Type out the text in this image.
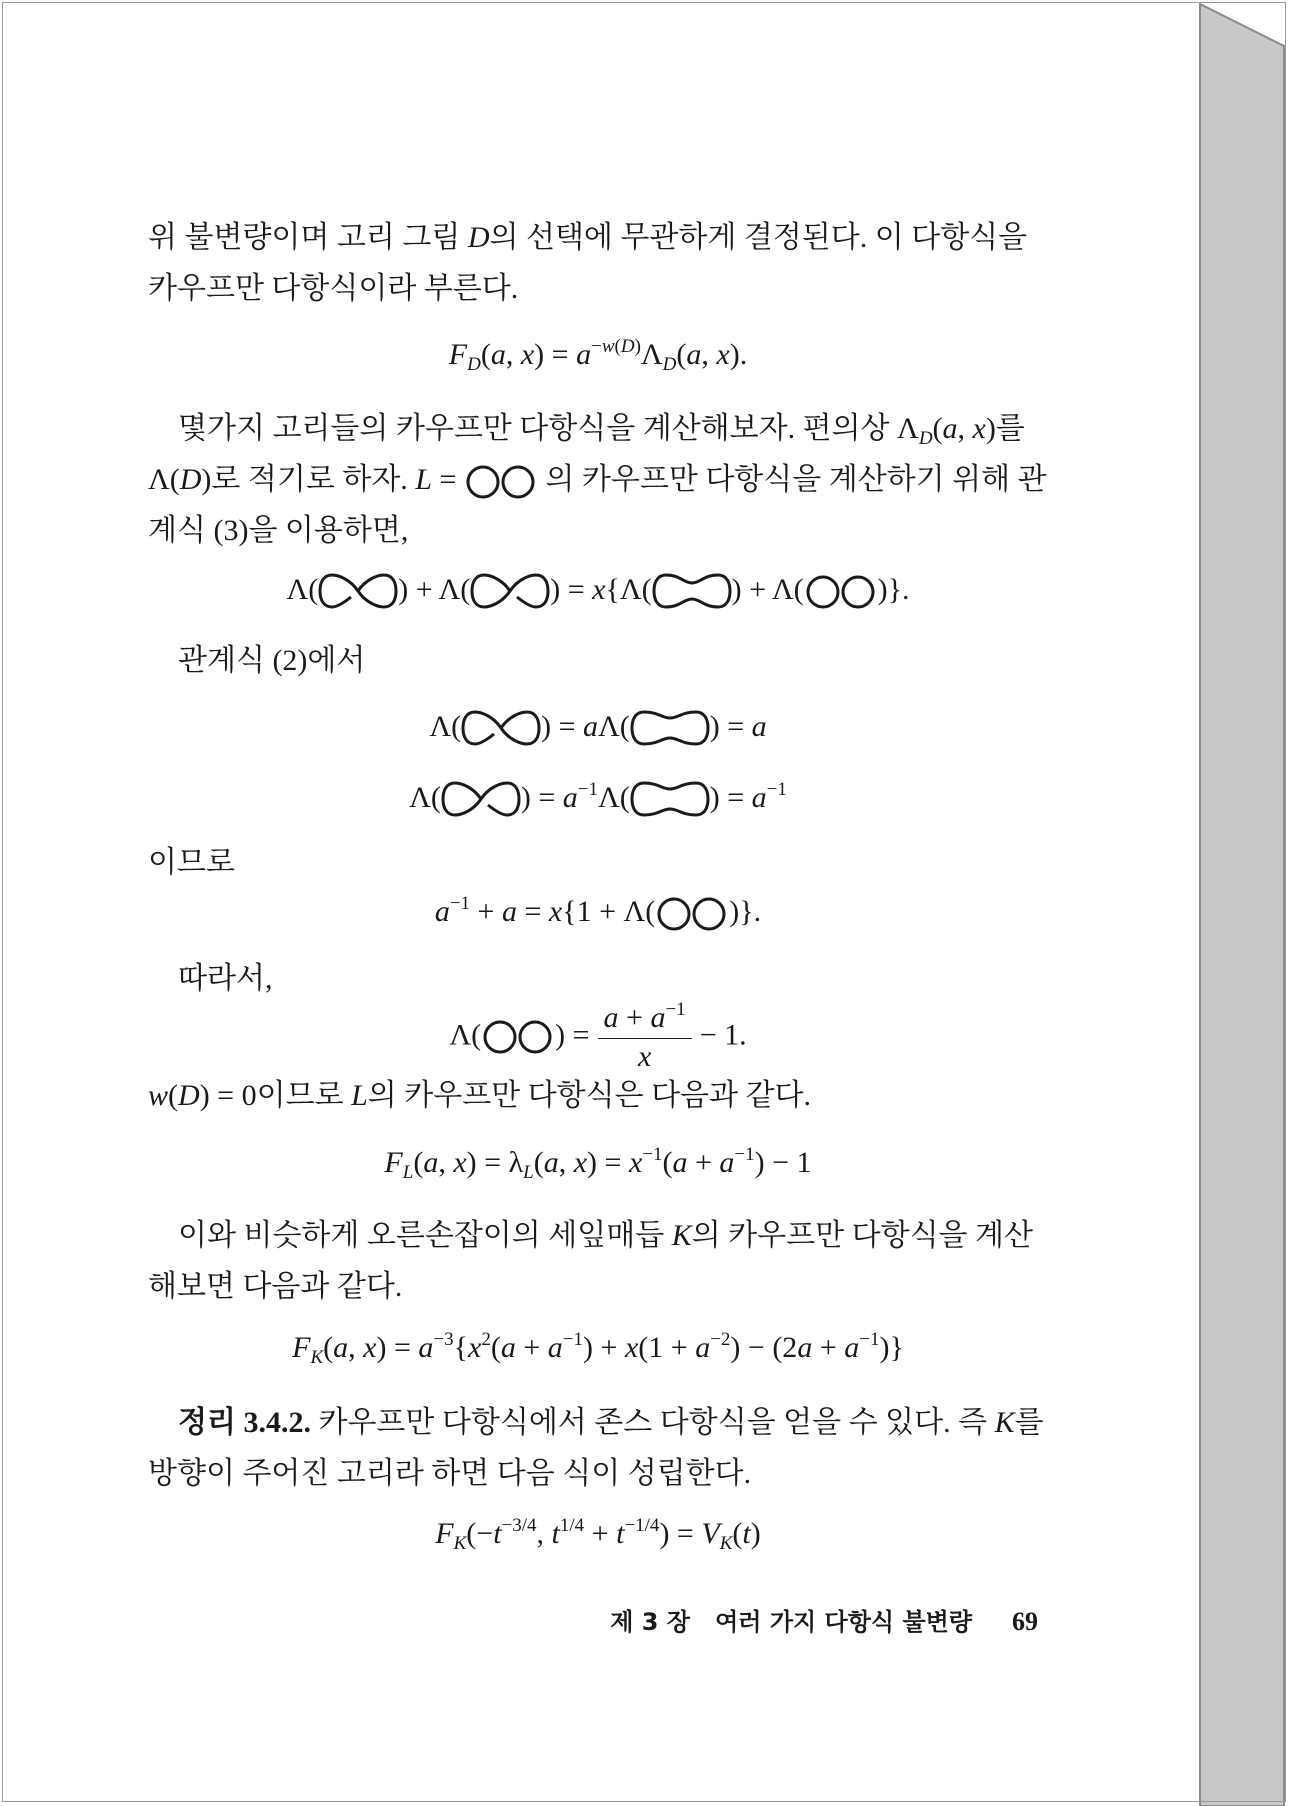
위 불변량이며 고리 그림 D의 선택에 무관하게 결정된다. 이 다항식을 카우프만 다항식이라 부른다.

$F_D(a$, $x) = a^{-w(D)}\Lambda_D(a$, x).

몇가지 고리들의 카우프만 다항식을 계산해보자. 편의상 $\Lambda_D(a$, x)를 Λ(D)로 적기로 하자. L =  의 카우프만 다항식을 계산하기 위해 관계식 (3)을 이용하면,

Λ(	) + Λ(	) = x{Λ(	) + Λ( )}.

관계식 (2)에서

Λ(	) = aΛ(	) = a
Λ(	) = $a^{-1}\Lambda$(	) = $a^{-1}$

이므로

$a^{-1} + a = x\{1 + \Lambda$( )}.

따라서,

Λ( ) = $\frac{a + a^{-1}}{x} - 1$.

w(D) = 0이므로 L의 카우프만 다항식은 다음과 같다.

$F_L(a$, $x) = \lambda_L(a$, $x) = x^{-1}(a + a^{-1}) - 1$

이와 비슷하게 오른손잡이의 세잎매듭 K의 카우프만 다항식을 계산해보면 다음과 같다.

$F_K(a$, $x) = a^{-3}\{x^2(a + a^{-1}) + x(1 + a^{-2}) - (2a + a^{-1})\}$

정리 3.4.2. 카우프만 다항식에서 존스 다항식을 얻을 수 있다. 즉 K를 방향이 주어진 고리라 하면 다음 식이 성립한다.

$F_K(-t^{-3/4}$, $t^{1/4} + t^{-1/4}) = V_K(t)$
제 3 장 여러 가지 다항식 불변량 69
